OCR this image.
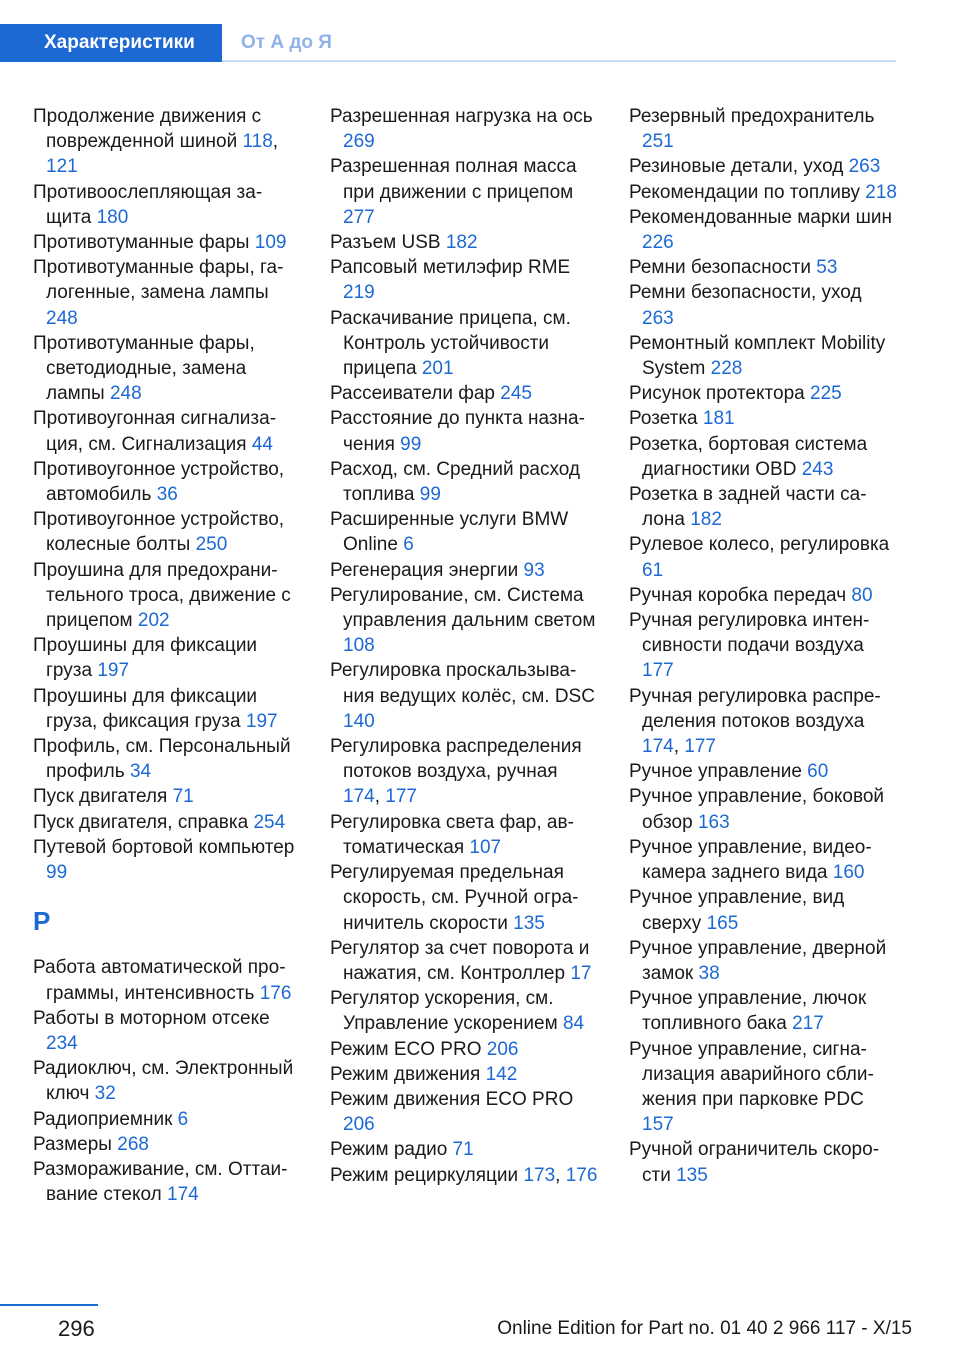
Характеристики	От А до Я
Продолжение движения с поврежденной шиной 118, 121
Противоослепляющая защита 180
Противотуманные фары 109
Противотуманные фары, галогенные, замена лампы 248
Противотуманные фары, светодиодные, замена лампы 248
Противоугонная сигнализация, см. Сигнализация 44
Противоугонное устройство, автомобиль 36
Противоугонное устройство, колесные болты 250
Проушина для предохранительного троса, движение с прицепом 202
Проушины для фиксации груза 197
Проушины для фиксации груза, фиксация груза 197
Профиль, см. Персональный профиль 34
Пуск двигателя 71
Пуск двигателя, справка 254
Путевой бортовой компьютер 99
Р
Работа автоматической программы, интенсивность 176
Работы в моторном отсеке 234
Радиоключ, см. Электронный ключ 32
Радиоприемник 6
Размеры 268
Размораживание, см. Оттаивание стекол 174
Разрешенная нагрузка на ось 269
Разрешенная полная масса при движении с прицепом 277
Разъем USB 182
Рапсовый метилэфир RME 219
Раскачивание прицепа, см. Контроль устойчивости прицепа 201
Рассеиватели фар 245
Расстояние до пункта назначения 99
Расход, см. Средний расход топлива 99
Расширенные услуги BMW Online 6
Регенерация энергии 93
Регулирование, см. Система управления дальним светом 108
Регулировка проскальзывания ведущих колёс, см. DSC 140
Регулировка распределения потоков воздуха, ручная 174, 177
Регулировка света фар, автоматическая 107
Регулируемая предельная скорость, см. Ручной ограничитель скорости 135
Регулятор за счет поворота и нажатия, см. Контроллер 17
Регулятор ускорения, см. Управление ускорением 84
Режим ECO PRO 206
Режим движения 142
Режим движения ECO PRO 206
Режим радио 71
Режим рециркуляции 173, 176
Резервный предохранитель 251
Резиновые детали, уход 263
Рекомендации по топливу 218
Рекомендованные марки шин 226
Ремни безопасности 53
Ремни безопасности, уход 263
Ремонтный комплект Mobility System 228
Рисунок протектора 225
Розетка 181
Розетка, бортовая система диагностики OBD 243
Розетка в задней части салона 182
Рулевое колесо, регулировка 61
Ручная коробка передач 80
Ручная регулировка интенсивности подачи воздуха 177
Ручная регулировка распределения потоков воздуха 174, 177
Ручное управление 60
Ручное управление, боковой обзор 163
Ручное управление, видеокамера заднего вида 160
Ручное управление, вид сверху 165
Ручное управление, дверной замок 38
Ручное управление, лючок топливного бака 217
Ручное управление, сигнализация аварийного сближения при парковке PDC 157
Ручной ограничитель скорости 135
296	Online Edition for Part no. 01 40 2 966 117 - X/15
